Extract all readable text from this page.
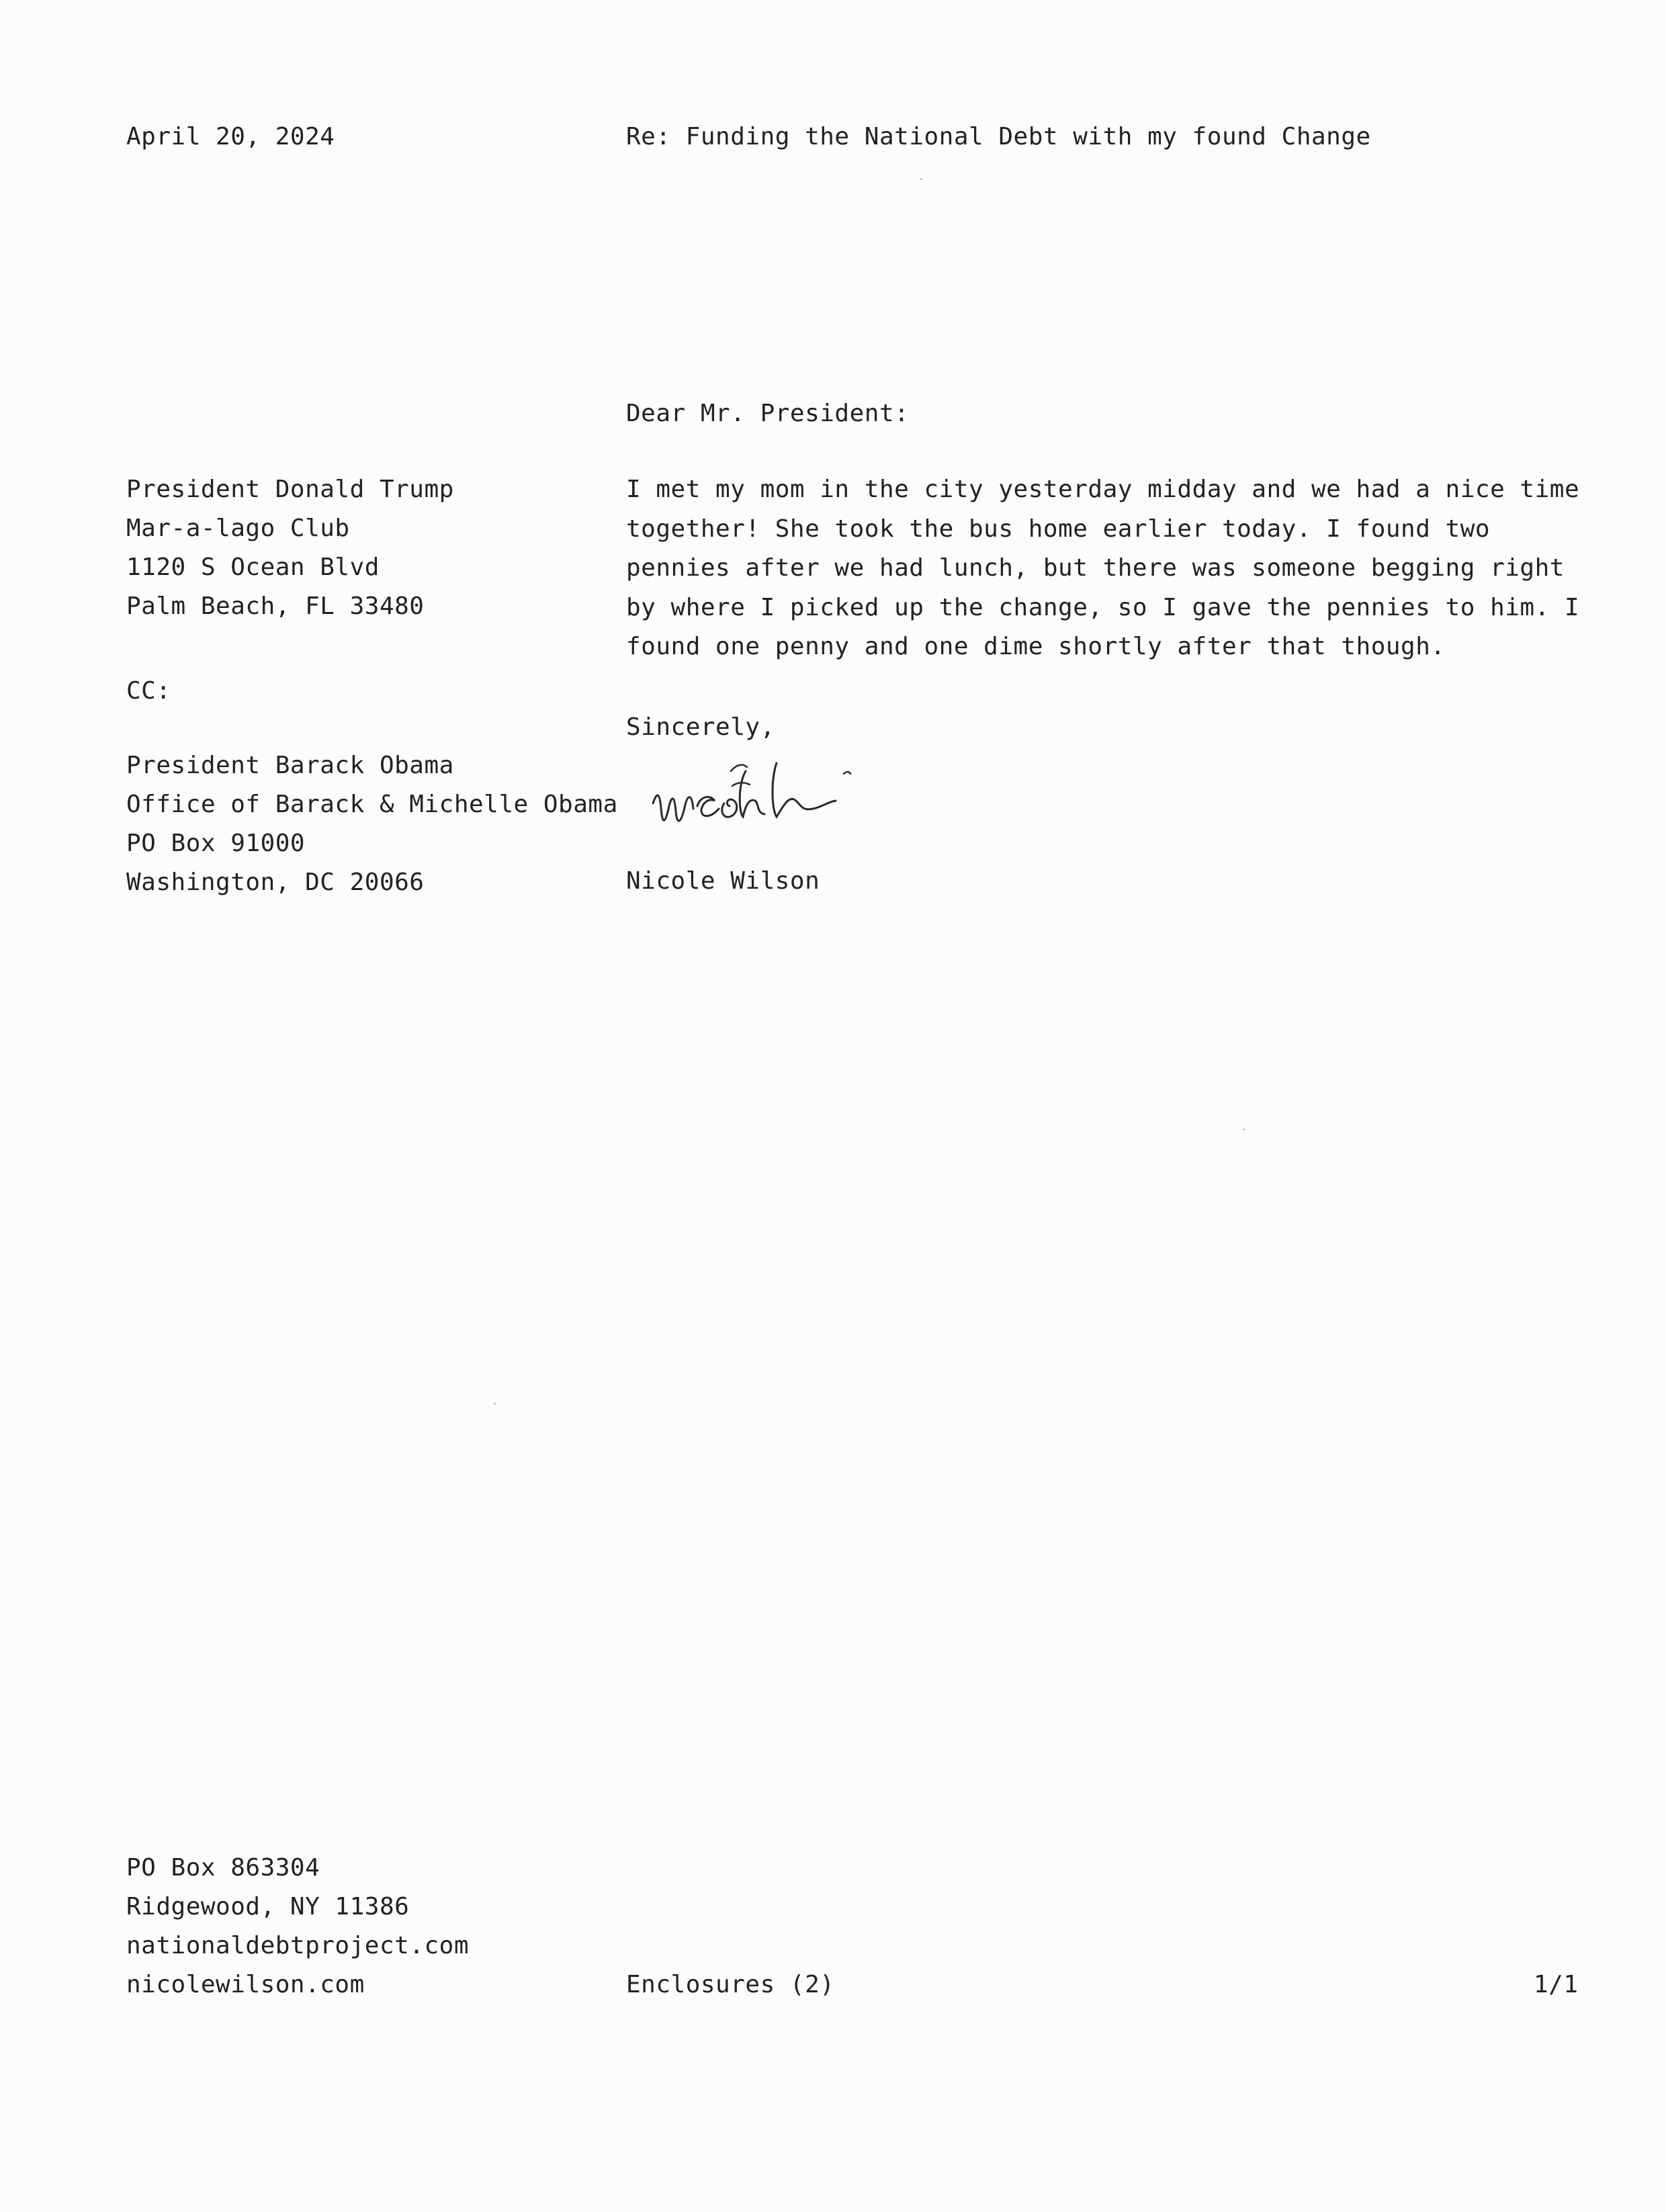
April 20, 2024	Re: Funding the National Debt with my found Change
Dear Mr. President:
President Donald Trump
Mar-a-lago Club
1120 S Ocean Blvd
Palm Beach, FL 33480
CC:
President Barack Obama
Office of Barack & Michelle Obama
PO Box 91000
Washington, DC 20066
I met my mom in the city yesterday midday and we had a nice time together! She took the bus home earlier today. I found two pennies after we had lunch, but there was someone begging right by where I picked up the change, so I gave the pennies to him. I found one penny and one dime shortly after that though.
Sincerely,
Nicole Wilson
PO Box 863304
Ridgewood, NY 11386
nationaldebtproject.com
nicolewilson.com	Enclosures (2)	1/1
